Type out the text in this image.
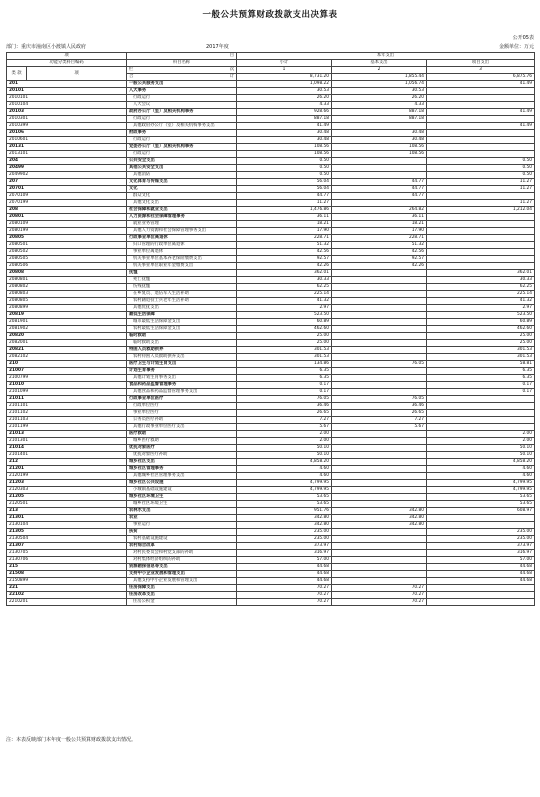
一般公共预算财政拨款支出决算表
公开05表
部门：重庆市潼南区小渡镇人民政府	2017年度	金额单位：万元
项		目	本年支出		
功能分类科目编码		科目名称	小计	基本支出	项目支出
类 款	项	栏 次	1	2	3
		合 计	8,731.20	1,855.44	6,875.76
201		一般公共服务支出	1,098.22	1,056.74	41.49
20101		人大事务	30.53	30.53	
2010101		行政运行	26.20	26.20	
2010104		人大会议	4.33	4.33	
20103		政府办公厅（室）及相关机构事务	928.66	887.18	41.49
2010301		行政运行	887.18	887.18	
2010399		其他政府办公厅（室）及相关机构事务支出	41.49		41.49
20106		财政事务	30.48	30.48	
2010601		行政运行	30.48	30.48	
20131		党委办公厅（室）及相关机构事务	108.56	108.56	
2013101		行政运行	108.56	108.56	
204		公共安全支出	0.50		0.50
20499		其他公共安全支出	0.50		0.50
2049902		其他消防	0.50		0.50
207		文化体育与传媒支出	56.04	44.77	11.27
20701		文化	56.04	44.77	11.27
2070109		群众文化	44.77	44.77	
2070199		其他文化支出	11.27		11.27
208		社会保障和就业支出	1,476.86	264.82	1,212.04
20801		人力资源和社会保障管理事务	36.11	36.11	
2080109		就业业务管理	18.21	18.21	
2080199		其他人力资源和社会保障管理事务支出	17.90	17.90	
20805		行政事业单位离退休	228.71	228.71	
2080501		归口管理的行政单位离退休	51.32	51.32	
2080502		事业单位离退休	42.56	42.56	
2080505		机关事业单位基本养老保险缴费支出	92.57	92.57	
2080506		机关事业单位职业年金缴费支出	42.26	42.26	
20808		抚恤	362.01		362.01
2080801		死亡抚恤	30.33		30.33
2080802		伤残抚恤	62.25		62.25
2080803		在乡复员、退伍军人生活补助	225.14		225.14
2080805		农村籍退役士兵老年生活补助	41.32		41.32
2080899		其他优抚支出	2.97		2.97
20819		最低生活保障	523.50		523.50
2081901		城市最低生活保障金支出	60.89		60.89
2081902		农村最低生活保障金支出	462.60		462.60
20820		临时救助	25.00		25.00
2082001		临时救助支出	25.00		25.00
20821		特困人员救助供养	301.53		301.53
2082102		农村特困人员救助供养支出	301.53		301.53
210		医疗卫生与计划生育支出	134.86	76.05	58.81
21007		计划生育事务	6.35		6.35
2100799		其他计划生育事务支出	6.35		6.35
21010		食品和药品监督管理事务	0.17		0.17
2101099		其他食品和药品监督管理事务支出	0.17		0.17
21011		行政事业单位医疗	76.05	76.05	
2101101		行政单位医疗	36.46	36.46	
2101102		事业单位医疗	26.65	26.65	
2101103		公务员医疗补助	7.27	7.27	
2101199		其他行政事业单位医疗支出	5.67	5.67	
21013		医疗救助	2.00		2.00
2101301		城乡医疗救助	2.00		2.00
21014		优抚对象医疗	50.10		50.10
2101401		优抚对象医疗补助	50.10		50.10
212		城乡社区支出	4,858.20		4,858.20
21201		城乡社区管理事务	4.60		4.60
2120199		其他城乡社区管理事务支出	4.60		4.60
21203		城乡社区公共设施	4,799.95		4,799.95
2120303		小城镇基础设施建设	4,799.95		4,799.95
21205		城乡社区环境卫生	53.65		53.65
2120501		城乡社区环境卫生	53.65		53.65
213		农林水支出	951.76	342.80	608.97
21301		农业	342.80	342.80	
2130104		事业运行	342.80	342.80	
21305		扶贫	235.00		235.00
2130504		农村基础设施建设	235.00		235.00
21307		农村综合改革	373.97		373.97
2130705		对村民委员会和村党支部的补助	316.97		316.97
2130706		对村集体经济组织的补助	57.00		57.00
215		资源勘探信息等支出	44.68		44.68
21508		支持中小企业发展和管理支出	44.68		44.68
2150899		其他支持中小企业发展和管理支出	44.68		44.68
221		住房保障支出	70.27	70.27	
22102		住房改革支出	70.27	70.27	
2210201		住房公积金	70.27	70.27	
注：本表反映部门本年度一般公共预算财政拨款支出情况。
